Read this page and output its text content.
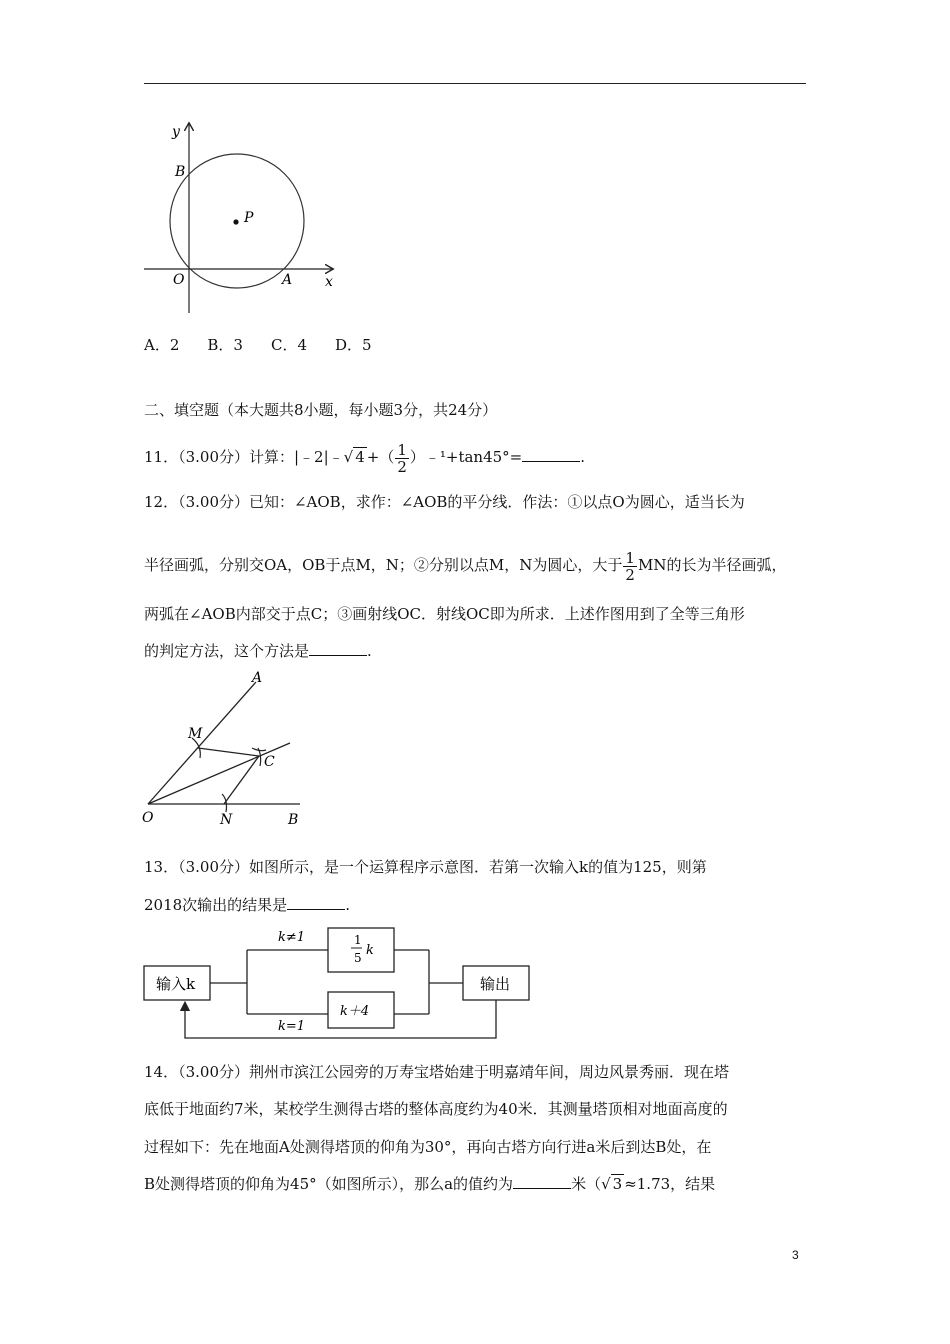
y
x
O
B
A
P
A．2 B．3 C．4 D．5
二、填空题（本大题共8小题，每小题3分，共24分）
11．（3.00分）计算：|﹣2|﹣√ 4 +（ $\frac{1}{2}$ ）﹣¹+tan45°=	.
12．（3.00分）已知：∠AOB，求作：∠AOB的平分线．作法：①以点O为圆心，适当长为
半径画弧，分别交OA，OB于点M，N；②分别以点M，N为圆心，大于 $\frac{1}{2}$ MN的长为半径画弧，
两弧在∠AOB内部交于点C；③画射线OC．射线OC即为所求．上述作图用到了全等三角形
的判定方法，这个方法是	.
A
M
C
O	N	B
13．（3.00分）如图所示，是一个运算程序示意图．若第一次输入k的值为125，则第
2018次输出的结果是	.
输入k
k≠1
k=1
1
5 k
k＋4
输出
14．（3.00分）荆州市滨江公园旁的万寿宝塔始建于明嘉靖年间，周边风景秀丽．现在塔
底低于地面约7米，某校学生测得古塔的整体高度约为40米．其测量塔顶相对地面高度的
过程如下：先在地面A处测得塔顶的仰角为30°，再向古塔方向行进a米后到达B处，在
B处测得塔顶的仰角为45°（如图所示），那么a的值约为	米（√ 3 ≈1.73，结果
3
